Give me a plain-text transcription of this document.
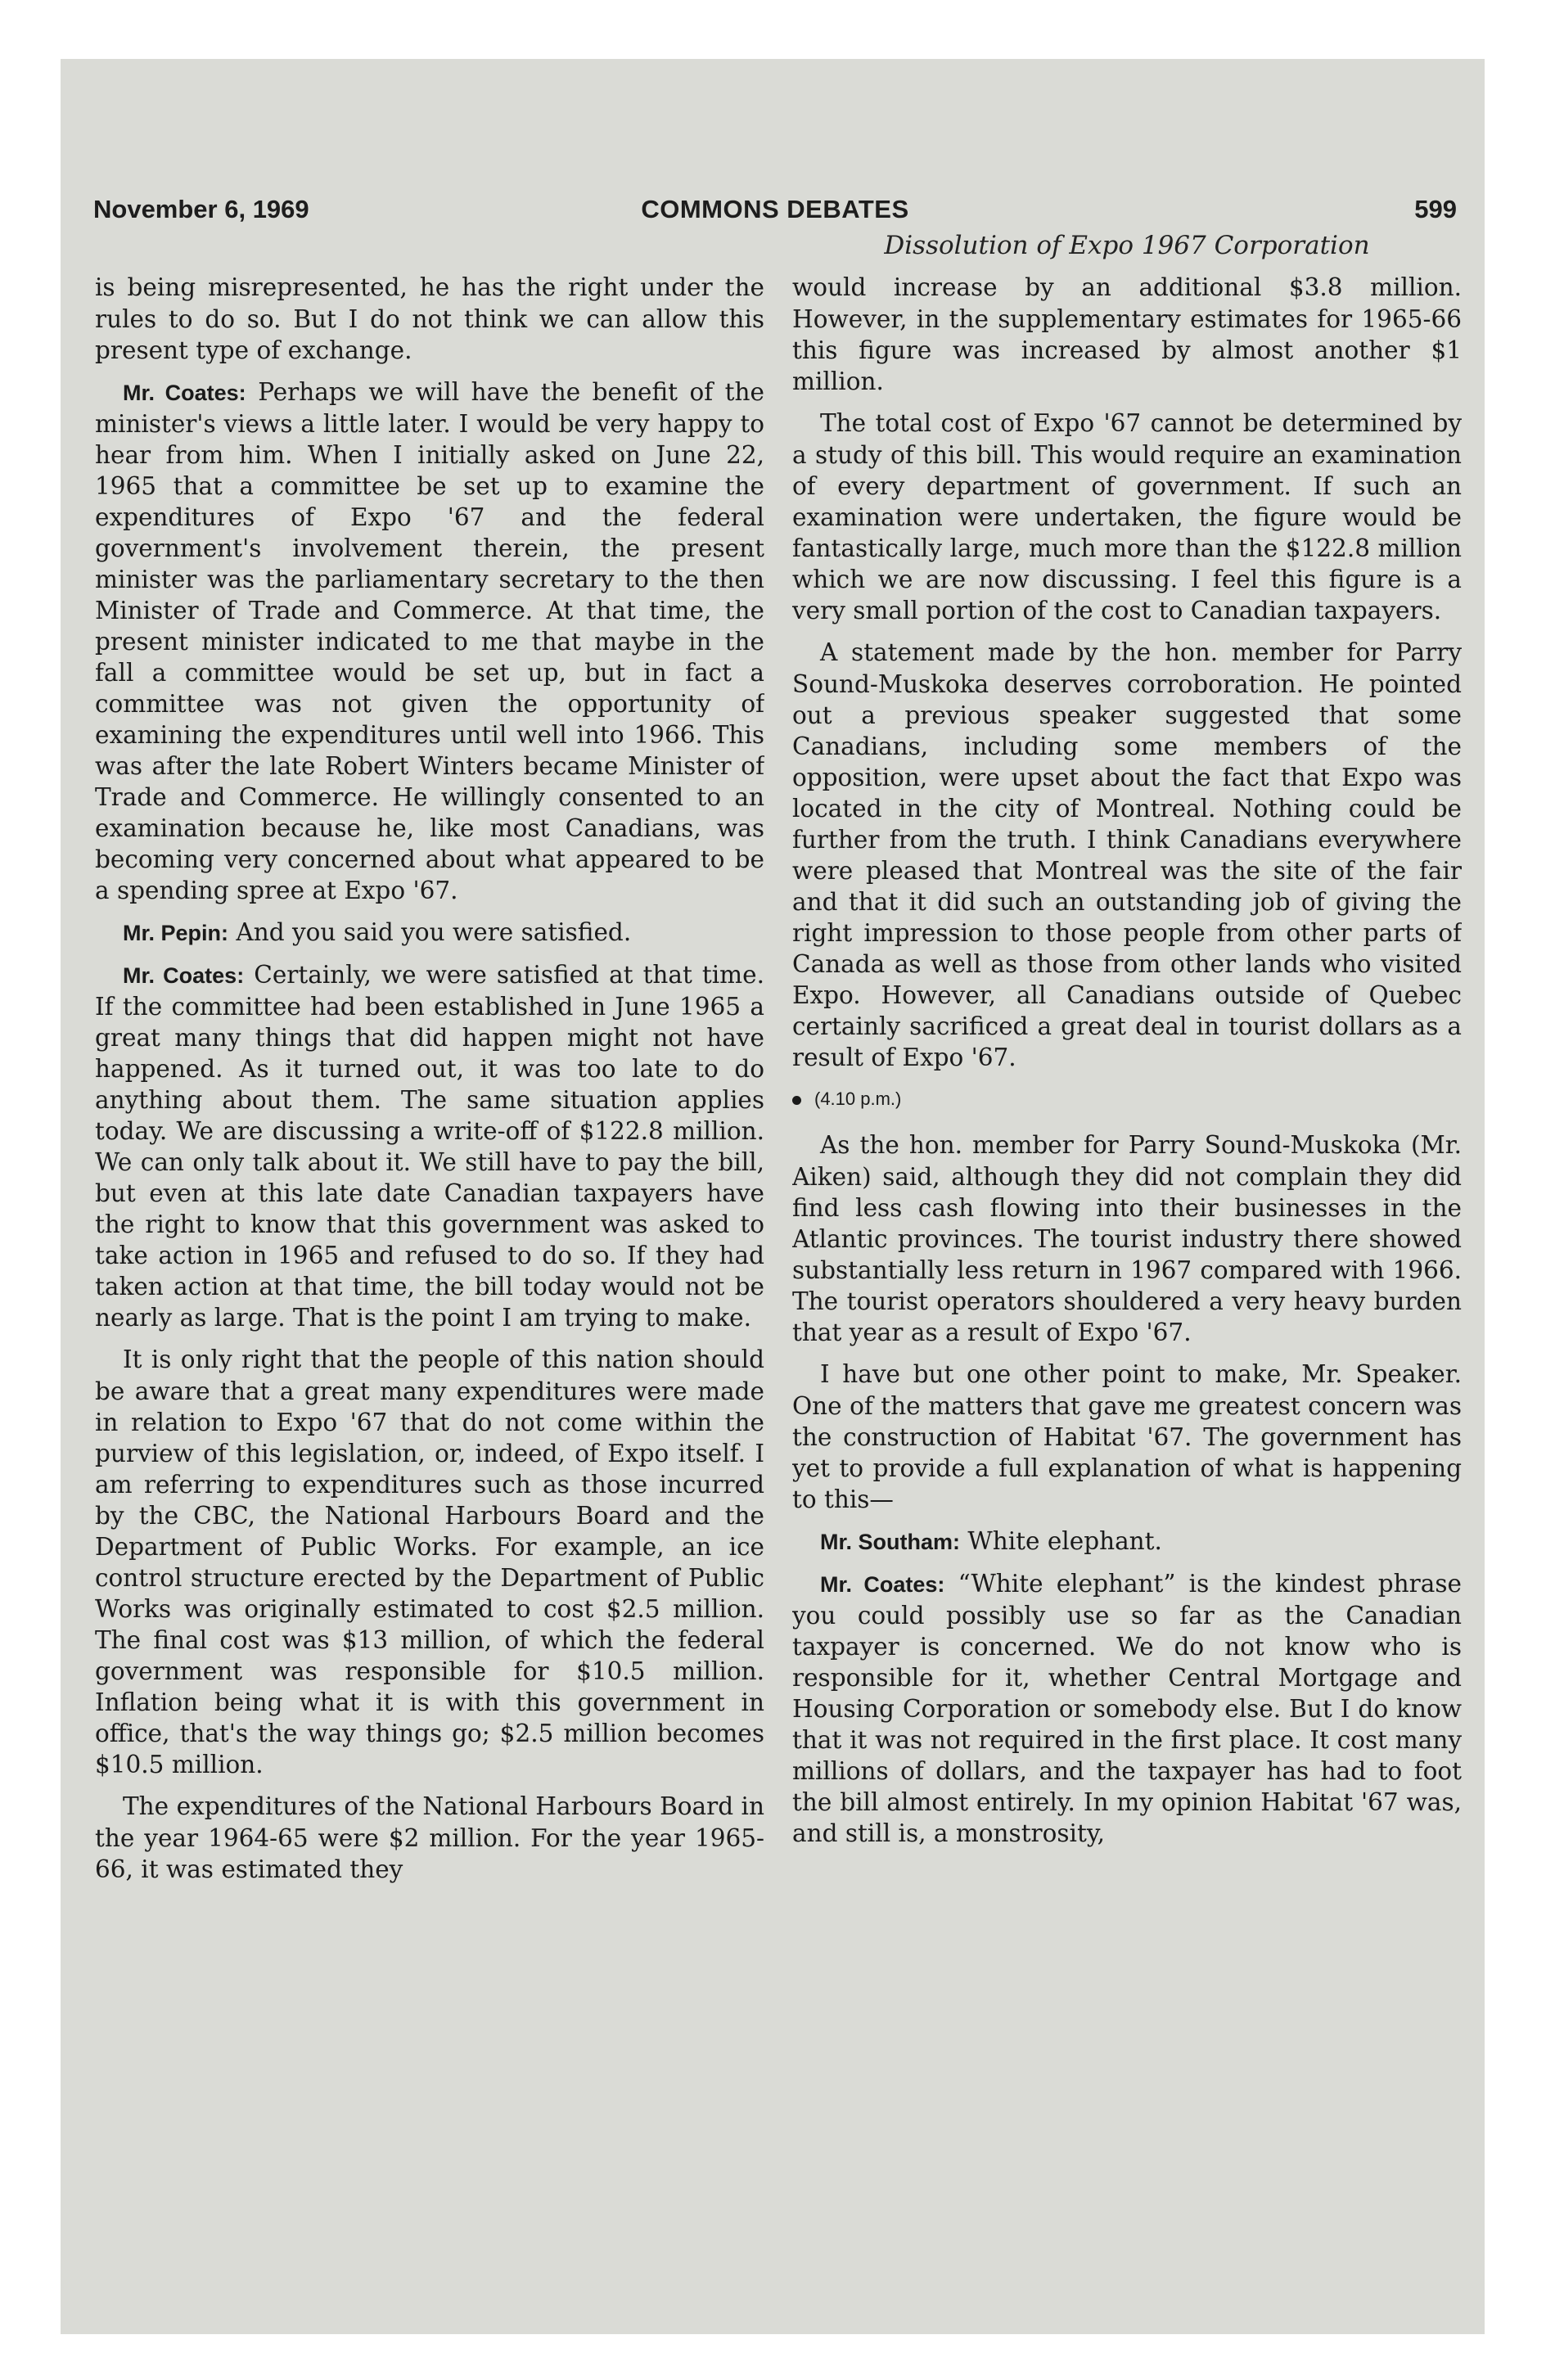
November 6, 1969	COMMONS DEBATES	599
Dissolution of Expo 1967 Corporation

is being misrepresented, he has the right under the rules to do so. But I do not think we can allow this present type of exchange.

Mr. Coates: Perhaps we will have the benefit of the minister's views a little later. I would be very happy to hear from him. When I initially asked on June 22, 1965 that a committee be set up to examine the expenditures of Expo '67 and the federal government's involvement therein, the present minister was the parliamentary secretary to the then Minister of Trade and Commerce. At that time, the present minister indicated to me that maybe in the fall a committee would be set up, but in fact a committee was not given the opportunity of examining the expenditures until well into 1966. This was after the late Robert Winters became Minister of Trade and Commerce. He willingly consented to an examination because he, like most Canadians, was becoming very concerned about what appeared to be a spending spree at Expo '67.

Mr. Pepin: And you said you were satisfied.

Mr. Coates: Certainly, we were satisfied at that time. If the committee had been established in June 1965 a great many things that did happen might not have happened. As it turned out, it was too late to do anything about them. The same situation applies today. We are discussing a write-off of $122.8 million. We can only talk about it. We still have to pay the bill, but even at this late date Canadian taxpayers have the right to know that this government was asked to take action in 1965 and refused to do so. If they had taken action at that time, the bill today would not be nearly as large. That is the point I am trying to make.

It is only right that the people of this nation should be aware that a great many expenditures were made in relation to Expo '67 that do not come within the purview of this legislation, or, indeed, of Expo itself. I am referring to expenditures such as those incurred by the CBC, the National Harbours Board and the Department of Public Works. For example, an ice control structure erected by the Department of Public Works was originally estimated to cost $2.5 million. The final cost was $13 million, of which the federal government was responsible for $10.5 million. Inflation being what it is with this government in office, that's the way things go; $2.5 million becomes $10.5 million.

The expenditures of the National Harbours Board in the year 1964-65 were $2 million. For the year 1965-66, it was estimated they

would increase by an additional $3.8 million. However, in the supplementary estimates for 1965-66 this figure was increased by almost another $1 million.

The total cost of Expo '67 cannot be determined by a study of this bill. This would require an examination of every department of government. If such an examination were undertaken, the figure would be fantastically large, much more than the $122.8 million which we are now discussing. I feel this figure is a very small portion of the cost to Canadian taxpayers.

A statement made by the hon. member for Parry Sound-Muskoka deserves corroboration. He pointed out a previous speaker suggested that some Canadians, including some members of the opposition, were upset about the fact that Expo was located in the city of Montreal. Nothing could be further from the truth. I think Canadians everywhere were pleased that Montreal was the site of the fair and that it did such an outstanding job of giving the right impression to those people from other parts of Canada as well as those from other lands who visited Expo. However, all Canadians outside of Quebec certainly sacrificed a great deal in tourist dollars as a result of Expo '67.

(4.10 p.m.)

As the hon. member for Parry Sound-Muskoka (Mr. Aiken) said, although they did not complain they did find less cash flowing into their businesses in the Atlantic provinces. The tourist industry there showed substantially less return in 1967 compared with 1966. The tourist operators shouldered a very heavy burden that year as a result of Expo '67.

I have but one other point to make, Mr. Speaker. One of the matters that gave me greatest concern was the construction of Habitat '67. The government has yet to provide a full explanation of what is happening to this—

Mr. Southam: White elephant.

Mr. Coates: “White elephant” is the kindest phrase you could possibly use so far as the Canadian taxpayer is concerned. We do not know who is responsible for it, whether Central Mortgage and Housing Corporation or somebody else. But I do know that it was not required in the first place. It cost many millions of dollars, and the taxpayer has had to foot the bill almost entirely. In my opinion Habitat '67 was, and still is, a monstrosity,
